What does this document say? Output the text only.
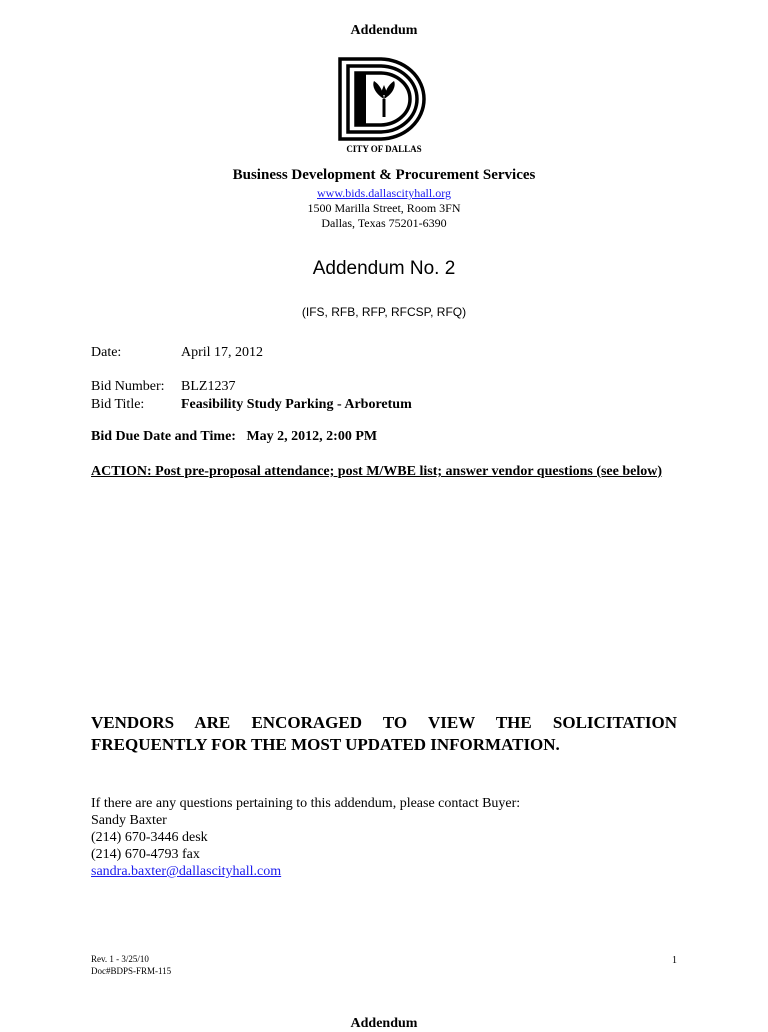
Addendum
CITY OF DALLAS
Business Development & Procurement Services
www.bids.dallascityhall.org
1500 Marilla Street, Room 3FN
Dallas, Texas 75201-6390
Addendum No. 2
(IFS, RFB, RFP, RFCSP, RFQ)
Date:	April 17, 2012
Bid Number: BLZ1237
Bid Title:	Feasibility Study Parking - Arboretum
Bid Due Date and Time: May 2, 2012, 2:00 PM
ACTION: Post pre-proposal attendance; post M/WBE list; answer vendor questions (see below)
VENDORS ARE ENCORAGED TO VIEW THE SOLICITATION FREQUENTLY FOR THE MOST UPDATED INFORMATION.
If there are any questions pertaining to this addendum, please contact Buyer:
Sandy Baxter
(214) 670-3446 desk
(214) 670-4793 fax
sandra.baxter@dallascityhall.com
Rev. 1 - 3/25/10
Doc#BDPS-FRM-115
1
Addendum
